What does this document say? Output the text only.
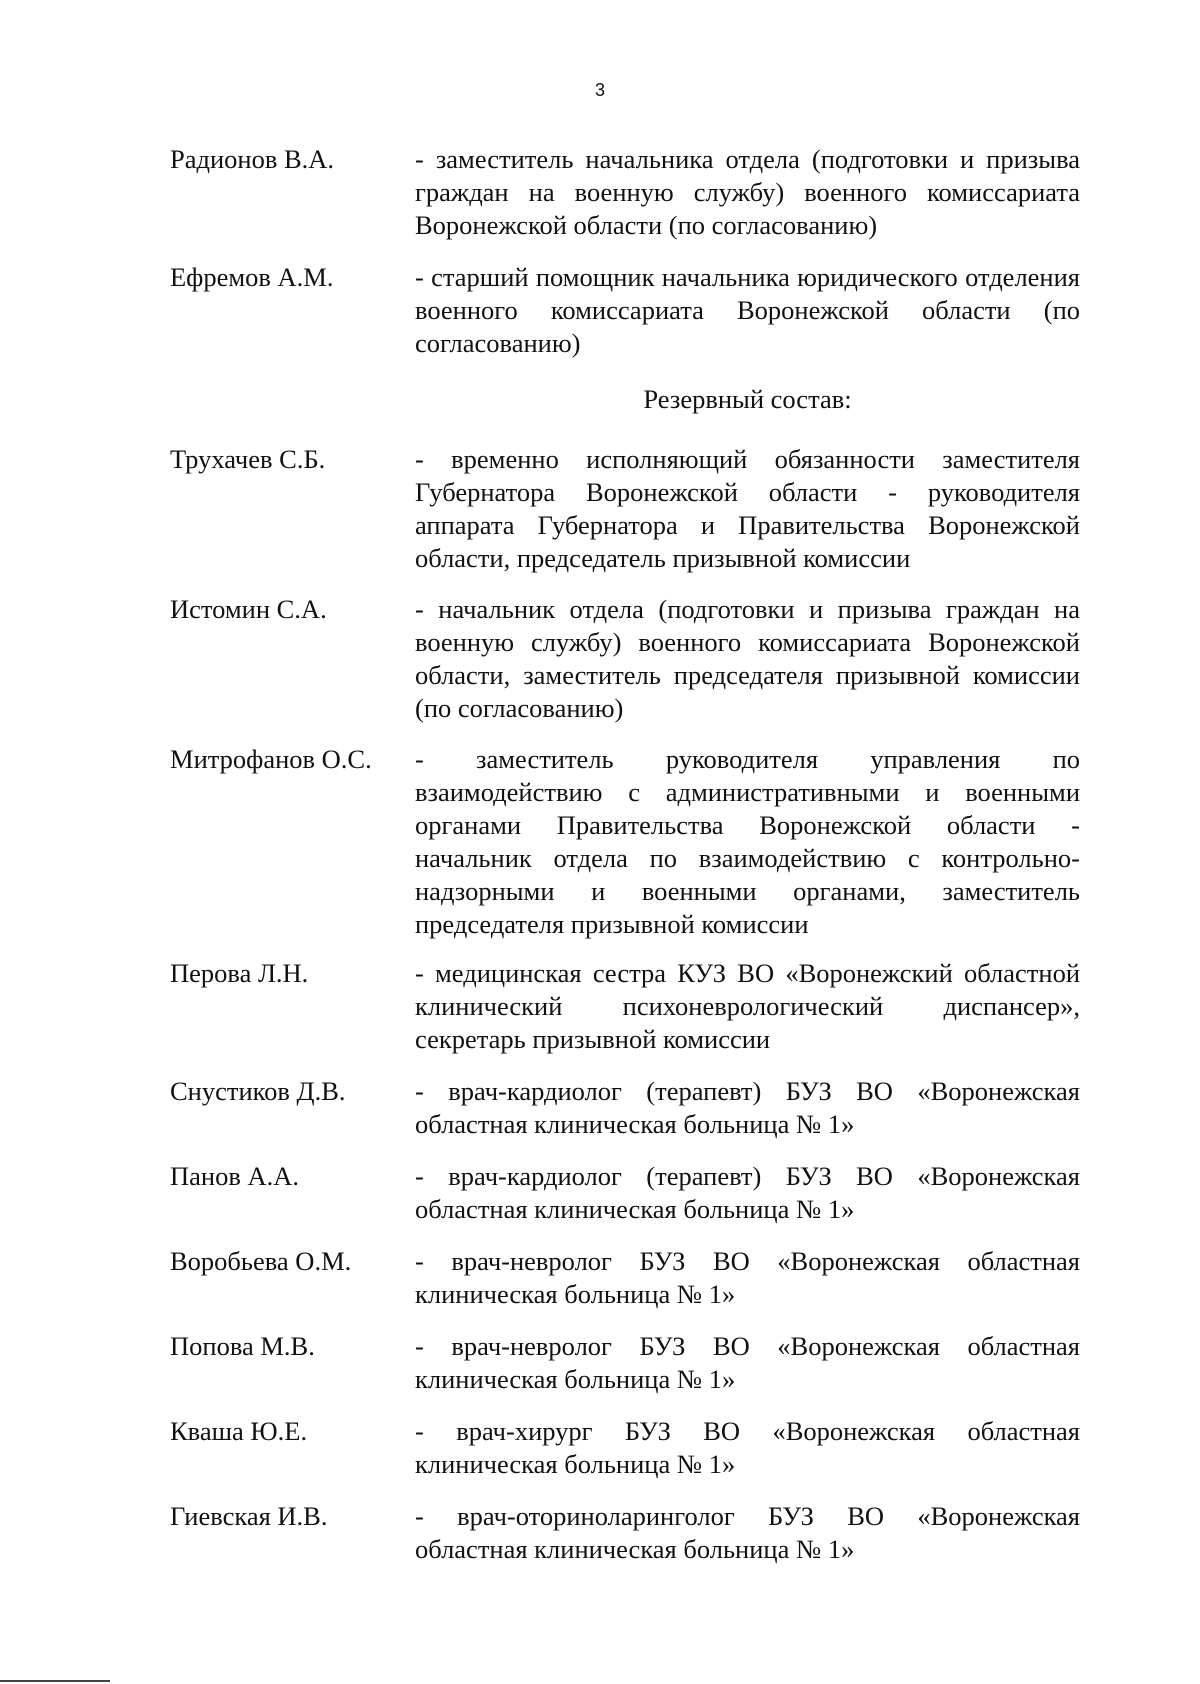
3
Радионов В.А.	- заместитель начальника отдела (подготовки и призыва граждан на военную службу) военного комиссариата Воронежской области (по согласованию)
Ефремов А.М.	- старший помощник начальника юридического отделения военного комиссариата Воронежской области (по согласованию)
Резервный состав:
Трухачев С.Б.	- временно исполняющий обязанности заместителя Губернатора Воронежской области - руководителя аппарата Губернатора и Правительства Воронежской области, председатель призывной комиссии
Истомин С.А.	- начальник отдела (подготовки и призыва граждан на военную службу) военного комиссариата Воронежской области, заместитель председателя призывной комиссии (по согласованию)
Митрофанов О.С. - заместитель руководителя управления по взаимодействию с административными и военными органами Правительства Воронежской области - начальник отдела по взаимодействию с контрольно-надзорными и военными органами, заместитель председателя призывной комиссии
Перова Л.Н.	- медицинская сестра КУЗ ВО «Воронежский областной клинический психоневрологический диспансер», секретарь призывной комиссии
Снустиков Д.В.	- врач-кардиолог (терапевт) БУЗ ВО «Воронежская областная клиническая больница № 1»
Панов А.А.	- врач-кардиолог (терапевт) БУЗ ВО «Воронежская областная клиническая больница № 1»
Воробьева О.М. - врач-невролог БУЗ ВО «Воронежская областная клиническая больница № 1»
Попова М.В.	- врач-невролог БУЗ ВО «Воронежская областная клиническая больница № 1»
Кваша Ю.Е.	- врач-хирург БУЗ ВО «Воронежская областная клиническая больница № 1»
Гиевская И.В.	- врач-оториноларинголог БУЗ ВО «Воронежская областная клиническая больница № 1»
